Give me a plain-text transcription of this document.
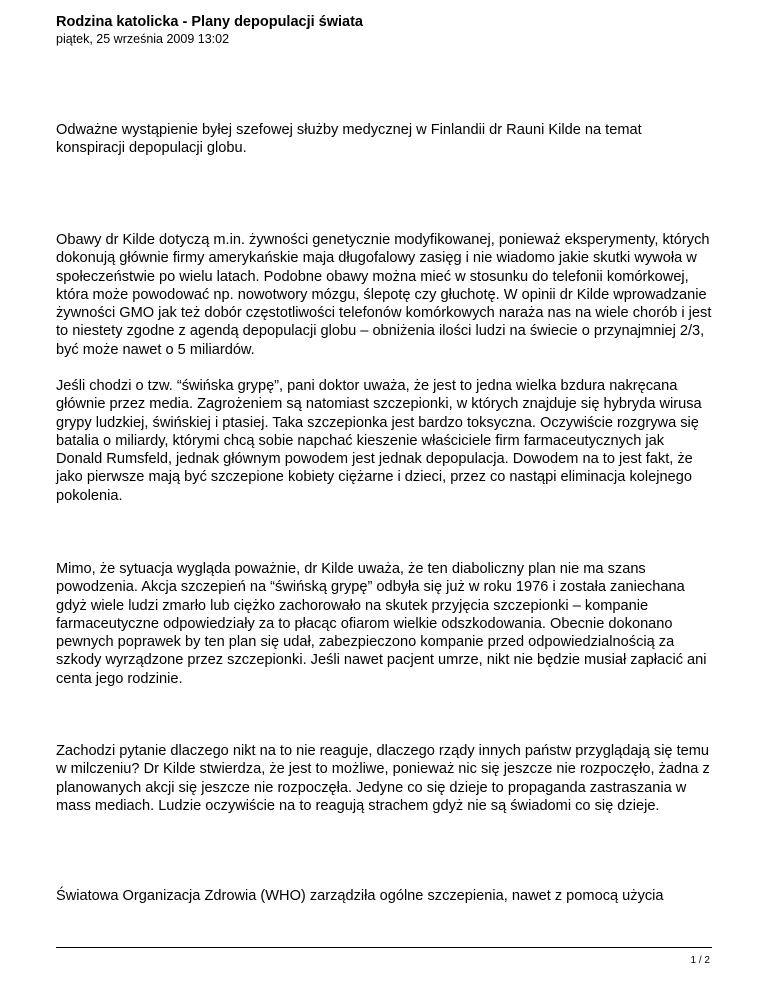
Rodzina katolicka - Plany depopulacji świata
piątek, 25 września 2009 13:02

Odważne wystąpienie byłej szefowej służby medycznej w Finlandii dr Rauni Kilde na temat konspiracji depopulacji globu.

Obawy dr Kilde dotyczą m.in. żywności genetycznie modyfikowanej, ponieważ eksperymenty, których dokonują głównie firmy amerykańskie maja długofalowy zasięg i nie wiadomo jakie skutki wywoła w społeczeństwie po wielu latach. Podobne obawy można mieć w stosunku do telefonii komórkowej, która może powodować np. nowotwory mózgu, ślepotę czy głuchotę. W opinii dr Kilde wprowadzanie żywności GMO jak też dobór częstotliwości telefonów komórkowych naraża nas na wiele chorób i jest to niestety zgodne z agendą depopulacji globu – obniżenia ilości ludzi na świecie o przynajmniej 2/3, być może nawet o 5 miliardów.

Jeśli chodzi o tzw. “świńska grypę”, pani doktor uważa, że jest to jedna wielka bzdura nakręcana głównie przez media. Zagrożeniem są natomiast szczepionki, w których znajduje się hybryda wirusa grypy ludzkiej, świńskiej i ptasiej. Taka szczepionka jest bardzo toksyczna. Oczywiście rozgrywa się batalia o miliardy, którymi chcą sobie napchać kieszenie właściciele firm farmaceutycznych jak Donald Rumsfeld, jednak głównym powodem jest jednak depopulacja. Dowodem na to jest fakt, że jako pierwsze mają być szczepione kobiety ciężarne i dzieci, przez co nastąpi eliminacja kolejnego pokolenia.

Mimo, że sytuacja wygląda poważnie, dr Kilde uważa, że ten diaboliczny plan nie ma szans powodzenia. Akcja szczepień na “świńską grypę” odbyła się już w roku 1976 i została zaniechana gdyż wiele ludzi zmarło lub ciężko zachorowało na skutek przyjęcia szczepionki – kompanie farmaceutyczne odpowiedziały za to płacąc ofiarom wielkie odszkodowania. Obecnie dokonano pewnych poprawek by ten plan się udał, zabezpieczono kompanie przed odpowiedzialnością za szkody wyrządzone przez szczepionki. Jeśli nawet pacjent umrze, nikt nie będzie musiał zapłacić ani centa jego rodzinie.

Zachodzi pytanie dlaczego nikt na to nie reaguje, dlaczego rządy innych państw przyglądają się temu w milczeniu? Dr Kilde stwierdza, że jest to możliwe, ponieważ nic się jeszcze nie rozpoczęło, żadna z planowanych akcji się jeszcze nie rozpoczęła. Jedyne co się dzieje to propaganda zastraszania w mass mediach. Ludzie oczywiście na to reagują strachem gdyż nie są świadomi co się dzieje.

Światowa Organizacja Zdrowia (WHO) zarządziła ogólne szczepienia, nawet z pomocą użycia

1 / 2
